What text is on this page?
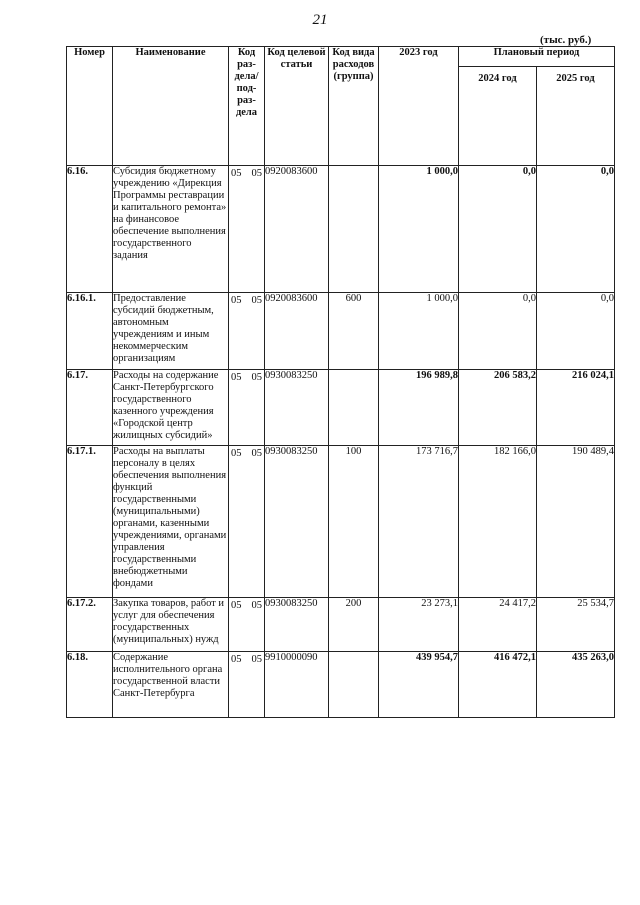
21
(тыс. руб.)
Номер	Наименование	Код раз-дела/ под-раз-дела	Код целевой статьи	Код вида расходов (группа)	2023 год	Плановый период	
						2024 год	2025 год
6.16.	Субсидия бюджетному учреждению «Дирекция Программы реставрации и капитального ремонта» на финансовое обеспечение выполнения государственного задания	05 05	0920083600		1 000,0	0,0	0,0
6.16.1.	Предоставление субсидий бюджетным, автономным учреждениям и иным некоммерческим организациям	05 05	0920083600	600	1 000,0	0,0	0,0
6.17.	Расходы на содержание Санкт-Петербургского государственного казенного учреждения «Городской центр жилищных субсидий»	05 05	0930083250		196 989,8	206 583,2	216 024,1
6.17.1.	Расходы на выплаты персоналу в целях обеспечения выполнения функций государственными (муниципальными) органами, казенными учреждениями, органами управления государственными внебюджетными фондами	05 05	0930083250	100	173 716,7	182 166,0	190 489,4
6.17.2.	Закупка товаров, работ и услуг для обеспечения государственных (муниципальных) нужд	05 05	0930083250	200	23 273,1	24 417,2	25 534,7
6.18.	Содержание исполнительного органа государственной власти Санкт-Петербурга	05 05	9910000090		439 954,7	416 472,1	435 263,0
